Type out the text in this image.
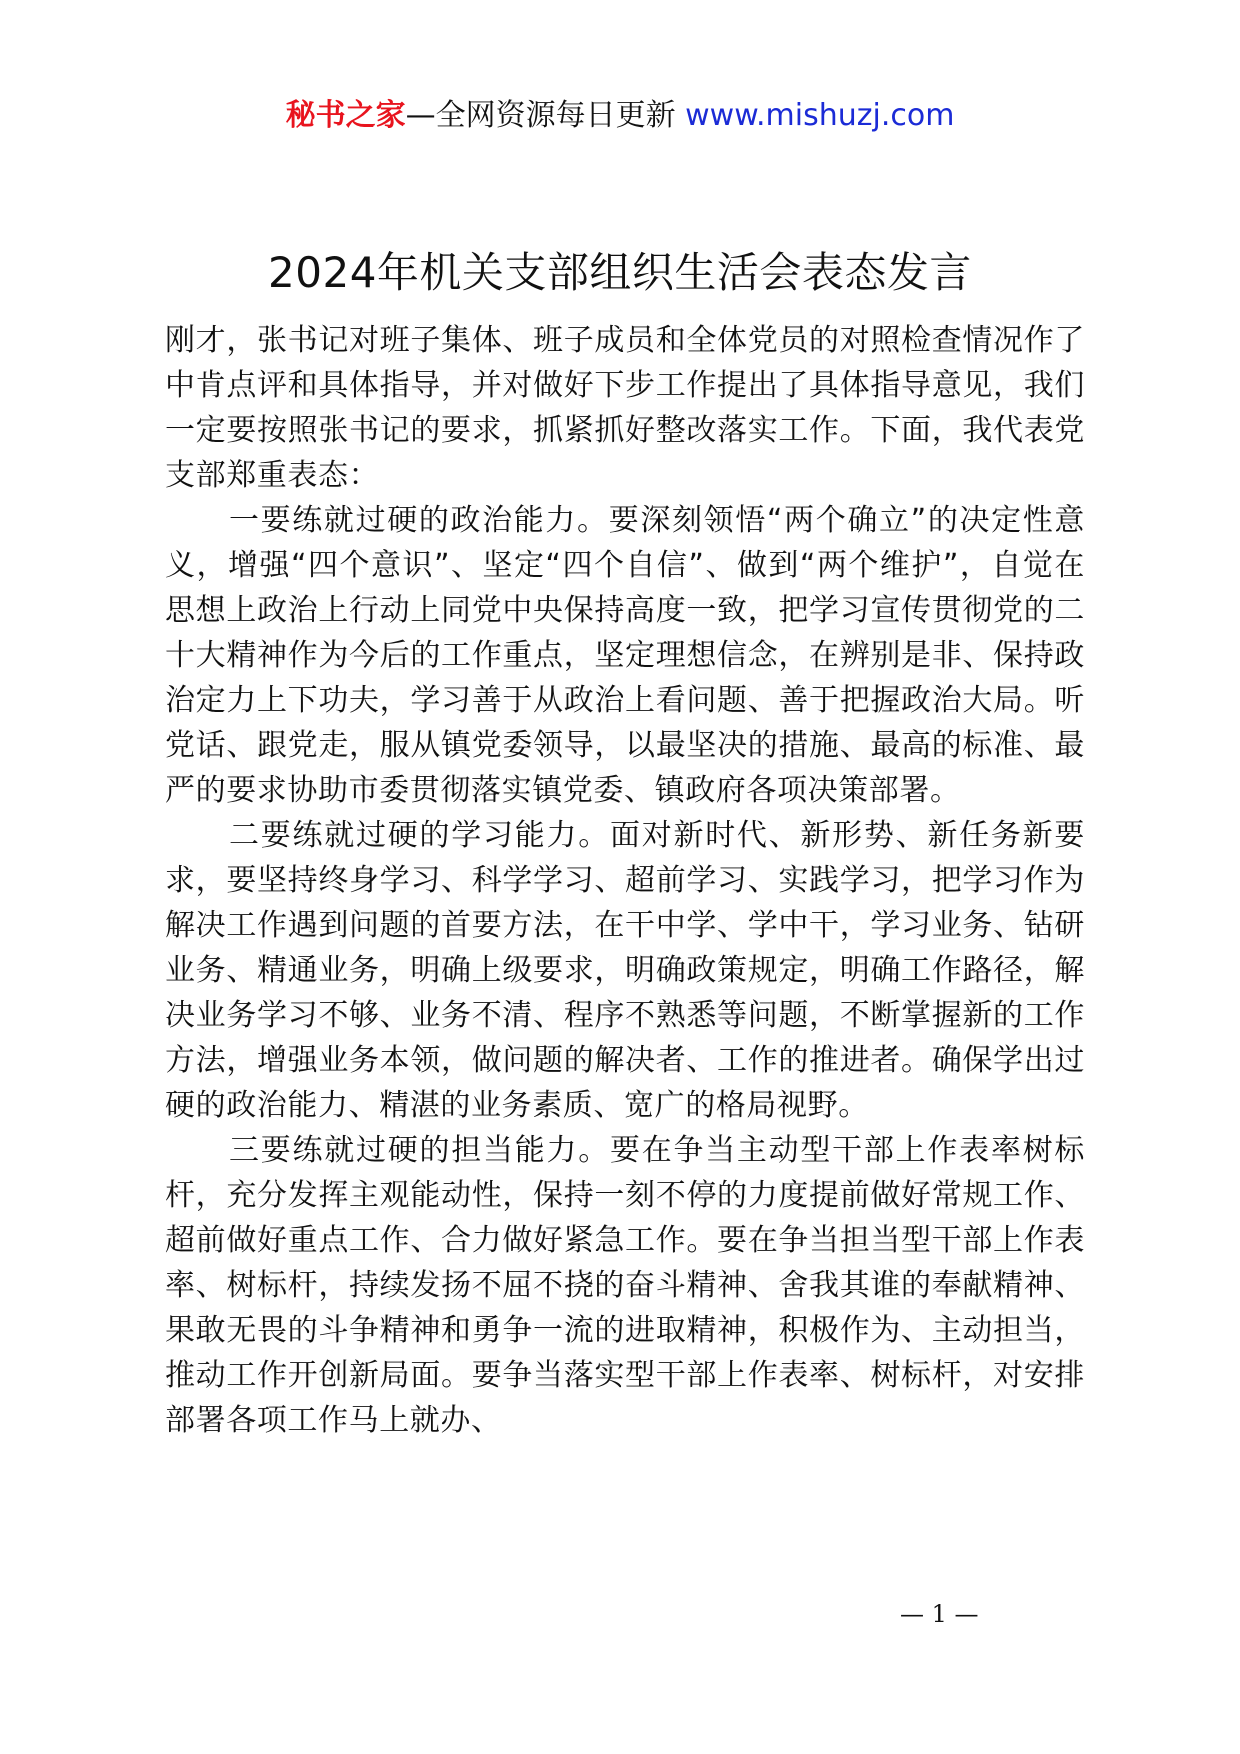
秘书之家—全网资源每日更新 www.mishuzj.com
2024年机关支部组织生活会表态发言

刚才，张书记对班子集体、班子成员和全体党员的对照检查情况作了中肯点评和具体指导，并对做好下步工作提出了具体指导意见，我们一定要按照张书记的要求，抓紧抓好整改落实工作。下面，我代表党支部郑重表态：

一要练就过硬的政治能力。要深刻领悟“两个确立”的决定性意义，增强“四个意识”、坚定“四个自信”、做到“两个维护”，自觉在思想上政治上行动上同党中央保持高度一致，把学习宣传贯彻党的二十大精神作为今后的工作重点，坚定理想信念，在辨别是非、保持政治定力上下功夫，学习善于从政治上看问题、善于把握政治大局。听党话、跟党走，服从镇党委领导，以最坚决的措施、最高的标准、最严的要求协助市委贯彻落实镇党委、镇政府各项决策部署。

二要练就过硬的学习能力。面对新时代、新形势、新任务新要求，要坚持终身学习、科学学习、超前学习、实践学习，把学习作为解决工作遇到问题的首要方法，在干中学、学中干，学习业务、钻研业务、精通业务，明确上级要求，明确政策规定，明确工作路径，解决业务学习不够、业务不清、程序不熟悉等问题，不断掌握新的工作方法，增强业务本领，做问题的解决者、工作的推进者。确保学出过硬的政治能力、精湛的业务素质、宽广的格局视野。

三要练就过硬的担当能力。要在争当主动型干部上作表率树标杆，充分发挥主观能动性，保持一刻不停的力度提前做好常规工作、超前做好重点工作、合力做好紧急工作。要在争当担当型干部上作表率、树标杆，持续发扬不屈不挠的奋斗精神、舍我其谁的奉献精神、果敢无畏的斗争精神和勇争一流的进取精神，积极作为、主动担当，推动工作开创新局面。要争当落实型干部上作表率、树标杆，对安排部署各项工作马上就办、

— 1 —
